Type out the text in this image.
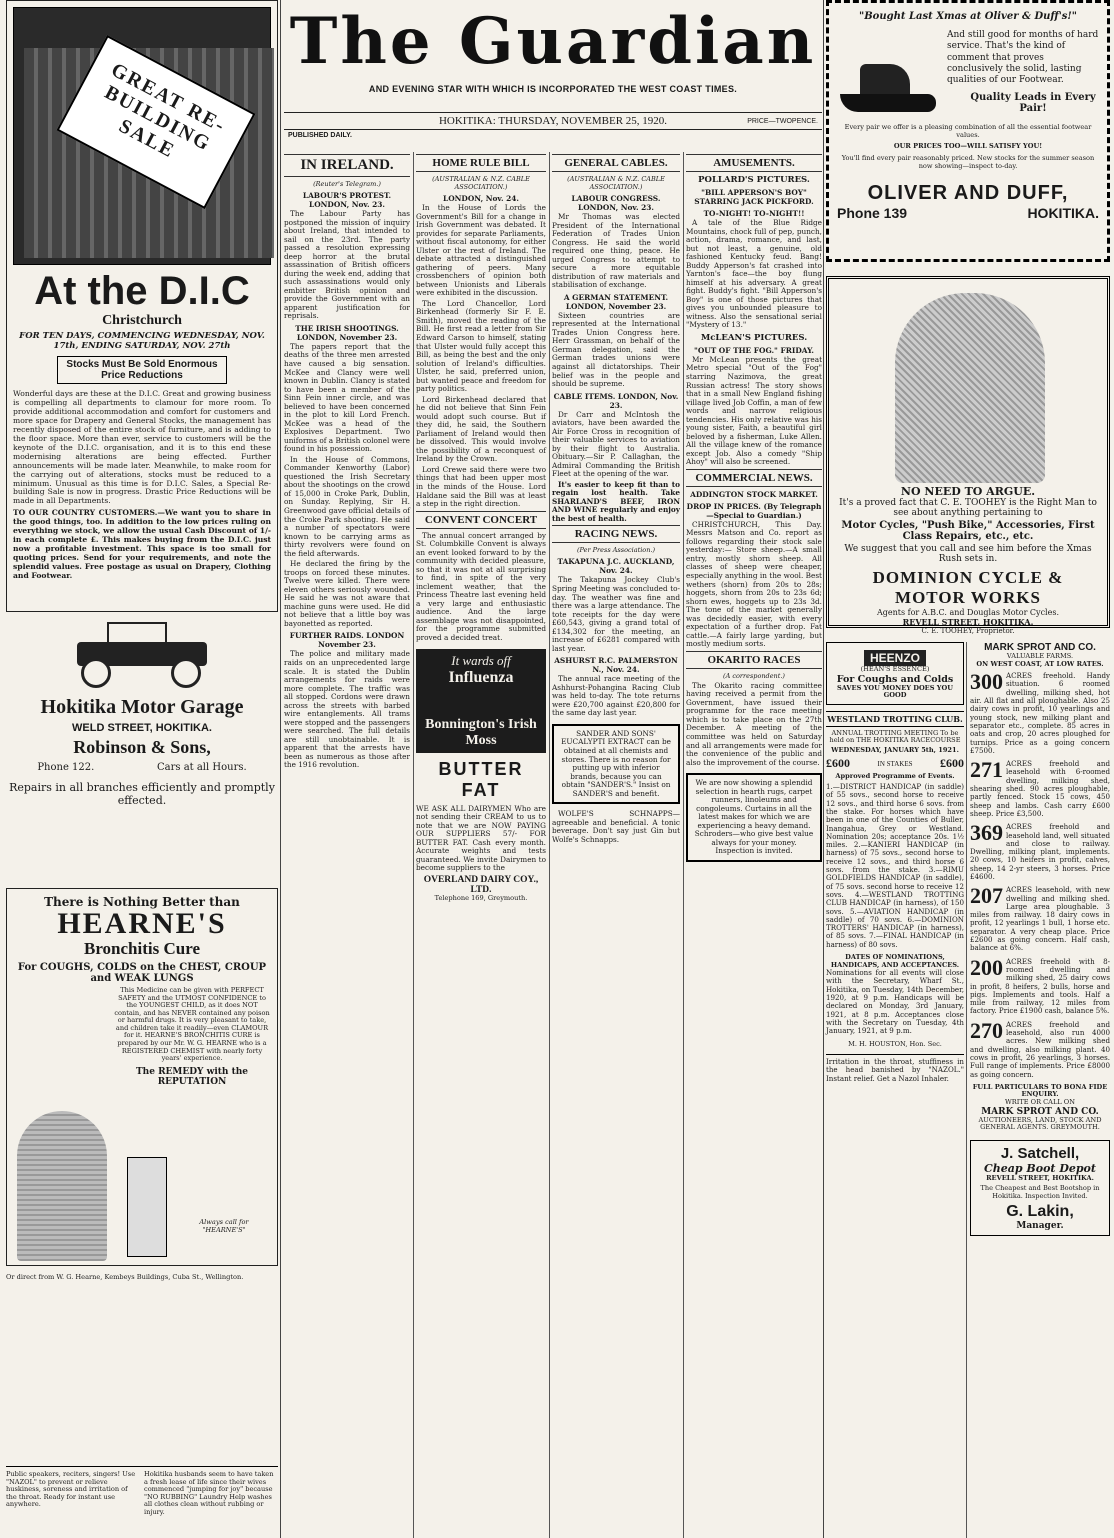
GREAT RE-BUILDING SALE
At the D.I.C
Christchurch
FOR TEN DAYS, COMMENCING WEDNESDAY, NOV. 17th, ENDING SATURDAY, NOV. 27th
Stocks Must Be Sold Enormous Price Reductions
Wonderful days are these at the D.I.C. Great and growing business is compelling all departments to clamour for more room. To provide additional accommodation and comfort for customers and more space for Drapery and General Stocks, the management has recently disposed of the entire stock of furniture, and is adding to the floor space. More than ever, service to customers will be the keynote of the D.I.C. organisation, and it is to this end these modernising alterations are being effected. Further announcements will be made later. Meanwhile, to make room for the carrying out of alterations, stocks must be reduced to a minimum. Unusual as this time is for D.I.C. Sales, a Special Re-building Sale is now in progress. Drastic Price Reductions will be made in all Departments.
TO OUR COUNTRY CUSTOMERS.—We want you to share in the good things, too. In addition to the low prices ruling on everything we stock, we allow the usual Cash Discount of 1/- in each complete £. This makes buying from the D.I.C. just now a profitable investment. This space is too small for quoting prices. Send for your requirements, and note the splendid values. Free postage as usual on Drapery, Clothing and Footwear.
Hokitika Motor Garage
WELD STREET, HOKITIKA.
Robinson & Sons,
Phone 122.	Cars at all Hours.
Repairs in all branches efficiently and promptly effected.
There is Nothing Better than
HEARNE'S
Bronchitis Cure
For COUGHS, COLDS on the CHEST, CROUP and WEAK LUNGS
This Medicine can be given with PERFECT SAFETY and the UTMOST CONFIDENCE to the YOUNGEST CHILD, as it does NOT contain, and has NEVER contained any poison or harmful drugs. It is very pleasant to take, and children take it readily—even CLAMOUR for it. HEARNE'S BRONCHITIS CURE is prepared by our Mr. W. G. HEARNE who is a REGISTERED CHEMIST with nearly forty years' experience.
The REMEDY with the REPUTATION
Always call for "HEARNE'S"
Or direct from W. G. Hearne, Kembeys Buildings, Cuba St., Wellington.
Public speakers, reciters, singers! Use "NAZOL" to prevent or relieve huskiness, soreness and irritation of the throat. Ready for instant use anywhere.
Hokitika husbands seem to have taken a fresh lease of life since their wives commenced "jumping for joy" because "NO RUBBING" Laundry Help washes all clothes clean without rubbing or injury.
The Guardian
AND EVENING STAR WITH WHICH IS INCORPORATED THE WEST COAST TIMES.
HOKITIKA: THURSDAY, NOVEMBER 25, 1920.	PRICE—TWOPENCE.
PUBLISHED DAILY.
IN IRELAND.
(Reuter's Telegram.)
LABOUR'S PROTEST. LONDON, Nov. 23.
The Labour Party has postponed the mission of inquiry about Ireland, that intended to sail on the 23rd. The party passed a resolution expressing deep horror at the brutal assassination of British officers during the week end, adding that such assassinations would only embitter British opinion and provide the Government with an apparent justification for reprisals.
THE IRISH SHOOTINGS. LONDON, November 23.
The papers report that the deaths of the three men arrested have caused a big sensation. McKee and Clancy were well known in Dublin. Clancy is stated to have been a member of the Sinn Fein inner circle, and was believed to have been concerned in the plot to kill Lord French. McKee was a head of the Explosives Department. Two uniforms of a British colonel were found in his possession.
In the House of Commons, Commander Kenworthy (Labor) questioned the Irish Secretary about the shootings on the crowd of 15,000 in Croke Park, Dublin, on Sunday. Replying, Sir H. Greenwood gave official details of the Croke Park shooting. He said a number of spectators were known to be carrying arms as thirty revolvers were found on the field afterwards.
He declared the firing by the troops on forced these minutes. Twelve were killed. There were eleven others seriously wounded. He said he was not aware that machine guns were used. He did not believe that a little boy was bayonetted as reported.
FURTHER RAIDS. LONDON November 23.
The police and military made raids on an unprecedented large scale. It is stated the Dublin arrangements for raids were more complete. The traffic was all stopped. Cordons were drawn across the streets with barbed wire entanglements. All trams were stopped and the passengers were searched. The full details are still unobtainable. It is apparent that the arrests have been as numerous as those after the 1916 revolution.
HOME RULE BILL
(AUSTRALIAN & N.Z. CABLE ASSOCIATION.)
LONDON, Nov. 24.
In the House of Lords the Government's Bill for a change in Irish Government was debated. It provides for separate Parliaments, without fiscal autonomy, for either Ulster or the rest of Ireland. The debate attracted a distinguished gathering of peers. Many crossbenchers of opinion both between Unionists and Liberals were exhibited in the discussion.
The Lord Chancellor, Lord Birkenhead (formerly Sir F. E. Smith), moved the reading of the Bill. He first read a letter from Sir Edward Carson to himself, stating that Ulster would fully accept this Bill, as being the best and the only solution of Ireland's difficulties. Ulster, he said, preferred union, but wanted peace and freedom for party politics.
Lord Birkenhead declared that he did not believe that Sinn Fein would adopt such course. But if they did, he said, the Southern Parliament of Ireland would then be dissolved. This would involve the possibility of a reconquest of Ireland by the Crown.
Lord Crewe said there were two things that had been upper most in the minds of the House. Lord Haldane said the Bill was at least a step in the right direction.
CONVENT CONCERT
The annual concert arranged by St. Columbkille Convent is always an event looked forward to by the community with decided pleasure, so that it was not at all surprising to find, in spite of the very inclement weather, that the Princess Theatre last evening held a very large and enthusiastic audience. And the large assemblage was not disappointed, for the programme submitted proved a decided treat.
It wards off
Influenza
Bonnington's Irish Moss
BUTTER FAT
WE ASK ALL DAIRYMEN Who are not sending their CREAM to us to note that we are NOW PAYING OUR SUPPLIERS 57/- FOR BUTTER FAT. Cash every month. Accurate weights and tests guaranteed. We invite Dairymen to become suppliers to the
OVERLAND DAIRY COY., LTD.
Telephone 169, Greymouth.
GENERAL CABLES.
(AUSTRALIAN & N.Z. CABLE ASSOCIATION.)
LABOUR CONGRESS. LONDON, Nov. 23.
Mr Thomas was elected President of the International Federation of Trades Union Congress. He said the world required one thing, peace. He urged Congress to attempt to secure a more equitable distribution of raw materials and stabilisation of exchange.
A GERMAN STATEMENT. LONDON, November 23.
Sixteen countries are represented at the International Trades Union Congress here. Herr Grassman, on behalf of the German delegation, said the German trades unions were against all dictatorships. Their belief was in the people and should be supreme.
CABLE ITEMS. LONDON, Nov. 23.
Dr Carr and McIntosh the aviators, have been awarded the Air Force Cross in recognition of their valuable services to aviation by their flight to Australia. Obituary.—Sir P. Callaghan, the Admiral Commanding the British Fleet at the opening of the war.
It's easier to keep fit than to regain lost health. Take SHARLAND'S BEEF, IRON AND WINE regularly and enjoy the best of health.
RACING NEWS.
(Per Press Association.)
TAKAPUNA J.C. AUCKLAND, Nov. 24.
The Takapuna Jockey Club's Spring Meeting was concluded to-day. The weather was fine and there was a large attendance. The tote receipts for the day were £60,543, giving a grand total of £134,302 for the meeting, an increase of £6281 compared with last year.
ASHURST R.C. PALMERSTON N., Nov. 24.
The annual race meeting of the Ashhurst-Pohangina Racing Club was held to-day. The tote returns were £20,700 against £20,800 for the same day last year.
SANDER AND SONS' EUCALYPTI EXTRACT can be obtained at all chemists and stores. There is no reason for putting up with inferior brands, because you can obtain "SANDER'S." Insist on SANDER'S and benefit.
WOLFE'S SCHNAPPS—agreeable and beneficial. A tonic beverage. Don't say just Gin but Wolfe's Schnapps.
AMUSEMENTS.
POLLARD'S PICTURES.
"BILL APPERSON'S BOY" STARRING JACK PICKFORD.
TO-NIGHT! TO-NIGHT!!
A tale of the Blue Ridge Mountains, chock full of pep, punch, action, drama, romance, and last, but not least, a genuine, old fashioned Kentucky feud. Bang! Buddy Apperson's fat crashed into Yarnton's face—the boy flung himself at his adversary. A great fight. Buddy's fight. "Bill Apperson's Boy" is one of those pictures that gives you unbounded pleasure to witness. Also the sensational serial "Mystery of 13."
McLEAN'S PICTURES.
"OUT OF THE FOG." FRIDAY.
Mr McLean presents the great Metro special "Out of the Fog" starring Nazimova, the great Russian actress! The story shows that in a small New England fishing village lived Job Coffin, a man of few words and narrow religious tendencies. His only relative was his young sister, Faith, a beautiful girl beloved by a fisherman, Luke Allen. All the village knew of the romance except Job. Also a comedy "Ship Ahoy" will also be screened.
COMMERCIAL NEWS.
ADDINGTON STOCK MARKET.
DROP IN PRICES. (By Telegraph—Special to Guardian.)
CHRISTCHURCH, This Day. Messrs Matson and Co. report as follows regarding their stock sale yesterday:— Store sheep.—A small entry, mostly shorn sheep. All classes of sheep were cheaper, especially anything in the wool. Best wethers (shorn) from 20s to 28s; hoggets, shorn from 20s to 23s 6d; shorn ewes, hoggets up to 23s 3d. The tone of the market generally was decidedly easier, with every expectation of a further drop. Fat cattle.—A fairly large yarding, but mostly medium sorts.
OKARITO RACES
(A correspondent.)
The Okarito racing committee having received a permit from the Government, have issued their programme for the race meeting which is to take place on the 27th December. A meeting of the committee was held on Saturday and all arrangements were made for the convenience of the public and also the improvement of the course.
We are now showing a splendid selection in hearth rugs, carpet runners, linoleums and congoleums. Curtains in all the latest makes for which we are experiencing a heavy demand. Schroders—who give best value always for your money. Inspection is invited.
"Bought Last Xmas at Oliver & Duff's!"
And still good for months of hard service. That's the kind of comment that proves conclusively the solid, lasting qualities of our Footwear.
Quality Leads in Every Pair!
Every pair we offer is a pleasing combination of all the essential footwear values.
OUR PRICES TOO—WILL SATISFY YOU!
You'll find every pair reasonably priced. New stocks for the summer season now showing—inspect to-day.
OLIVER AND DUFF,
Phone 139	HOKITIKA.
NO NEED TO ARGUE.
It's a proved fact that C. E. TOOHEY is the Right Man to see about anything pertaining to
Motor Cycles, "Push Bike," Accessories, First Class Repairs, etc., etc.
We suggest that you call and see him before the Xmas Rush sets in.
DOMINION CYCLE & MOTOR WORKS
Agents for A.B.C. and Douglas Motor Cycles.
REVELL STREET, HOKITIKA.
C. E. TOOHEY, Proprietor.
HEENZO
(HEAN'S ESSENCE)
For Coughs and Colds
SAVES YOU MONEY DOES YOU GOOD
WESTLAND TROTTING CLUB.
ANNUAL TROTTING MEETING To be held on THE HOKITIKA RACECOURSE
WEDNESDAY, JANUARY 5th, 1921.
£600	IN STAKES £600
Approved Programme of Events.
1.—DISTRICT HANDICAP (in saddle) of 55 sovs., second horse to receive 12 sovs., and third horse 6 sovs. from the stake. For horses which have been in one of the Counties of Buller, Inangahua, Grey or Westland. Nomination 20s; acceptance 20s. 1½ miles. 2.—KANIERI HANDICAP (in harness) of 75 sovs., second horse to receive 12 sovs., and third horse 6 sovs. from the stake. 3.—RIMU GOLDFIELDS HANDICAP (in saddle), of 75 sovs. second horse to receive 12 sovs. 4.—WESTLAND TROTTING CLUB HANDICAP (in harness), of 150 sovs. 5.—AVIATION HANDICAP (in saddle) of 70 sovs. 6.—DOMINION TROTTERS' HANDICAP (in harness), of 85 sovs. 7.—FINAL HANDICAP (in harness) of 80 sovs.
DATES OF NOMINATIONS, HANDICAPS, AND ACCEPTANCES.
Nominations for all events will close with the Secretary, Wharf St., Hokitika, on Tuesday, 14th December, 1920, at 9 p.m. Handicaps will be declared on Monday, 3rd January, 1921, at 8 p.m. Acceptances close with the Secretary on Tuesday, 4th January, 1921, at 9 p.m.
M. H. HOUSTON, Hon. Sec.
Irritation in the throat, stuffiness in the head banished by "NAZOL." Instant relief. Get a Nazol Inhaler.
MARK SPROT AND CO.
VALUABLE FARMS.
ON WEST COAST, AT LOW RATES.
300 ACRES freehold. Handy situation. 6 roomed dwelling, milking shed, hot air. All flat and all ploughable. Also 25 dairy cows in profit, 10 yearlings and young stock, new milking plant and separator etc., complete. 85 acres in oats and crop, 20 acres ploughed for turnips. Price as a going concern £7500.
271 ACRES freehold and leasehold with 6-roomed dwelling, milking shed, shearing shed. 90 acres ploughable, partly fenced. Stock 15 cows, 450 sheep and lambs. Cash carry £600 sheep. Price £3,500.
369 ACRES freehold and leasehold land, well situated and close to railway. Dwelling, milking plant, implements. 20 cows, 10 heifers in profit, calves, sheep, 14 2-yr steers, 3 horses. Price £4600.
207 ACRES leasehold, with new dwelling and milking shed. Large area ploughable. 3 miles from railway. 18 dairy cows in profit, 12 yearlings 1 bull, 1 horse etc. separator. A very cheap place. Price £2600 as going concern. Half cash, balance at 6%.
200 ACRES freehold with 8-roomed dwelling and milking shed, 25 dairy cows in profit, 8 heifers, 2 bulls, horse and pigs. Implements and tools. Half a mile from railway, 12 miles from factory. Price £1900 cash, balance 5%.
270 ACRES freehold and leasehold, also run 4000 acres. New milking shed and dwelling, also milking plant. 40 cows in profit, 26 yearlings, 3 horses. Full range of implements. Price £8000 as going concern.
FULL PARTICULARS TO BONA FIDE ENQUIRY.
WRITE OR CALL ON
MARK SPROT AND CO.
AUCTIONEERS, LAND, STOCK AND GENERAL AGENTS. GREYMOUTH.
J. Satchell,
Cheap Boot Depot
REVELL STREET, HOKITIKA.
The Cheapest and Best Bootshop in Hokitika. Inspection Invited.
G. Lakin,
Manager.
